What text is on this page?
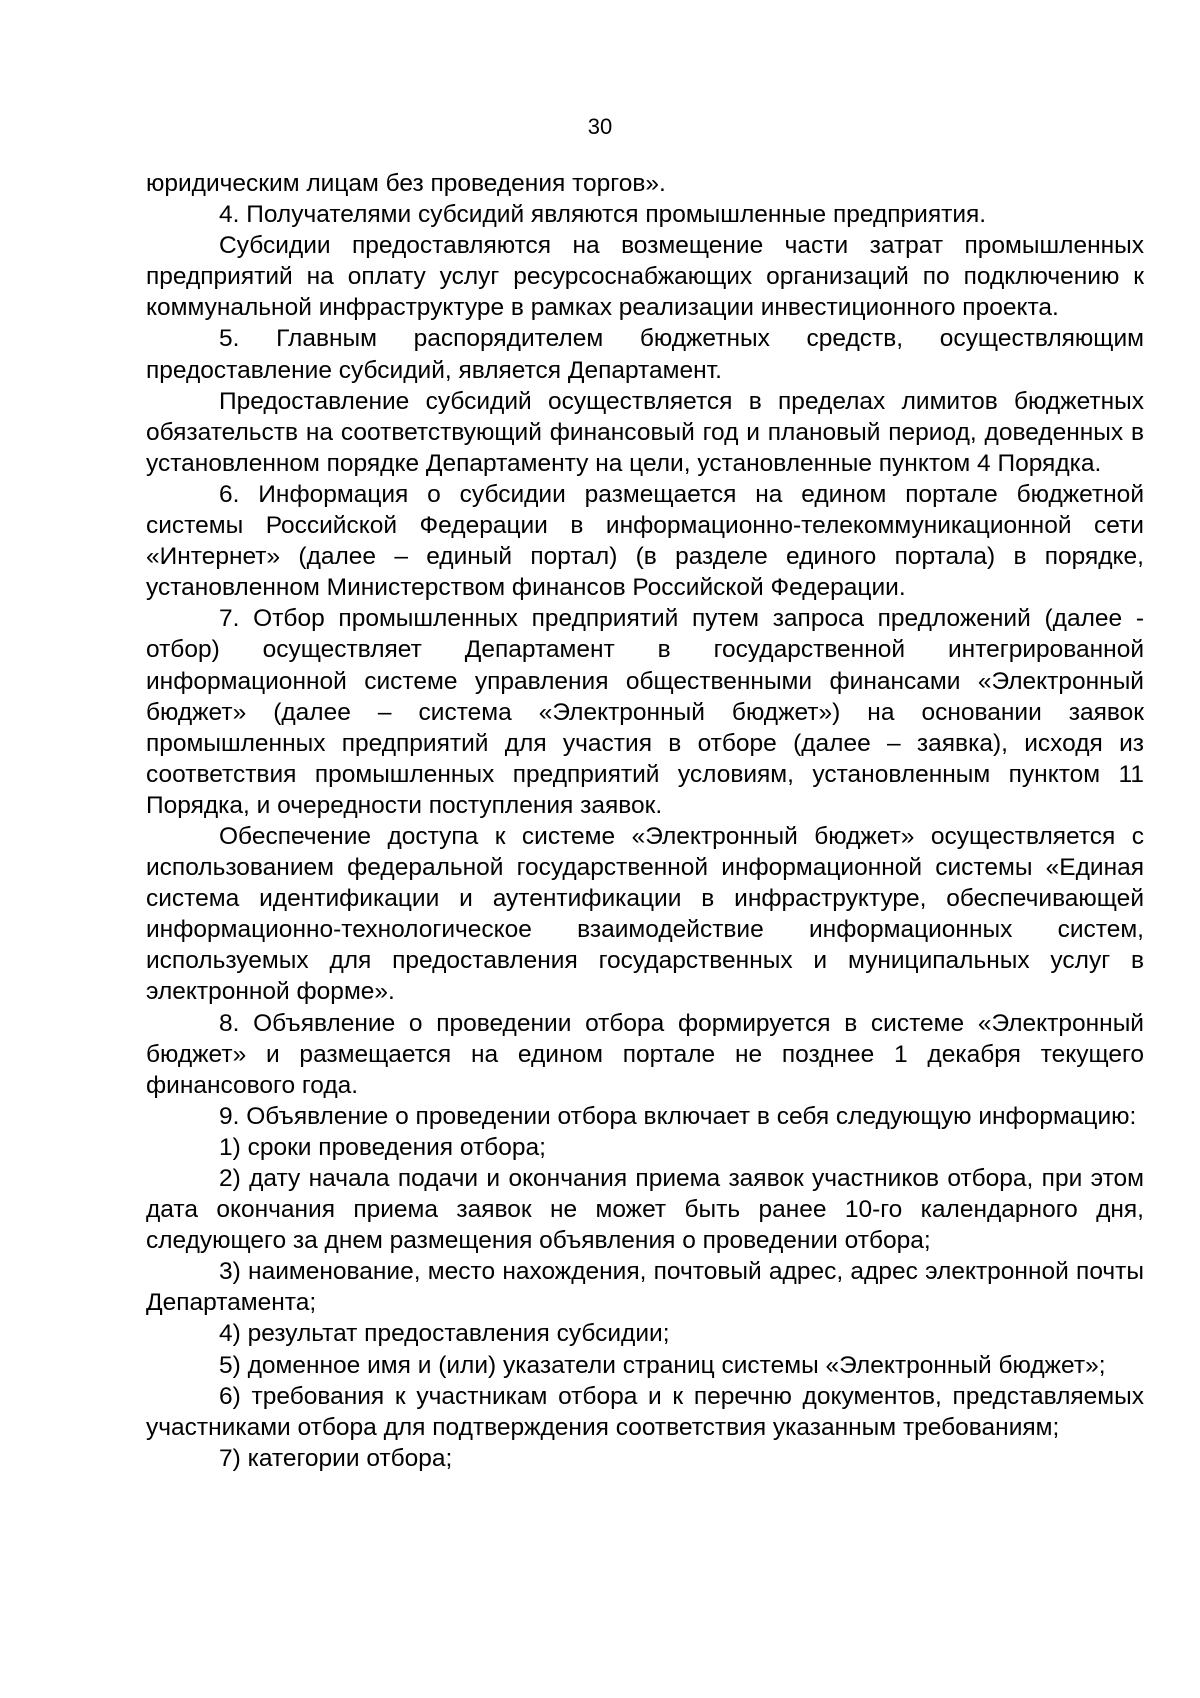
30

юридическим лицам без проведения торгов».

4. Получателями субсидий являются промышленные предприятия.

Субсидии предоставляются на возмещение части затрат промышленных предприятий на оплату услуг ресурсоснабжающих организаций по подключению к коммунальной инфраструктуре в рамках реализации инвестиционного проекта.

5. Главным распорядителем бюджетных средств, осуществляющим предоставление субсидий, является Департамент.

Предоставление субсидий осуществляется в пределах лимитов бюджетных обязательств на соответствующий финансовый год и плановый период, доведенных в установленном порядке Департаменту на цели, установленные пунктом 4 Порядка.

6. Информация о субсидии размещается на едином портале бюджетной системы Российской Федерации в информационно-телекоммуникационной сети «Интернет» (далее – единый портал) (в разделе единого портала) в порядке, установленном Министерством финансов Российской Федерации.

7. Отбор промышленных предприятий путем запроса предложений (далее - отбор) осуществляет Департамент в государственной интегрированной информационной системе управления общественными финансами «Электронный бюджет» (далее – система «Электронный бюджет») на основании заявок промышленных предприятий для участия в отборе (далее – заявка), исходя из соответствия промышленных предприятий условиям, установленным пунктом 11 Порядка, и очередности поступления заявок.

Обеспечение доступа к системе «Электронный бюджет» осуществляется с использованием федеральной государственной информационной системы «Единая система идентификации и аутентификации в инфраструктуре, обеспечивающей информационно-технологическое взаимодействие информационных систем, используемых для предоставления государственных и муниципальных услуг в электронной форме».

8. Объявление о проведении отбора формируется в системе «Электронный бюджет» и размещается на едином портале не позднее 1 декабря текущего финансового года.

9. Объявление о проведении отбора включает в себя следующую информацию:

1) сроки проведения отбора;

2) дату начала подачи и окончания приема заявок участников отбора, при этом дата окончания приема заявок не может быть ранее 10-го календарного дня, следующего за днем размещения объявления о проведении отбора;

3) наименование, место нахождения, почтовый адрес, адрес электронной почты Департамента;

4) результат предоставления субсидии;

5) доменное имя и (или) указатели страниц системы «Электронный бюджет»;

6) требования к участникам отбора и к перечню документов, представляемых участниками отбора для подтверждения соответствия указанным требованиям;

7) категории отбора;
